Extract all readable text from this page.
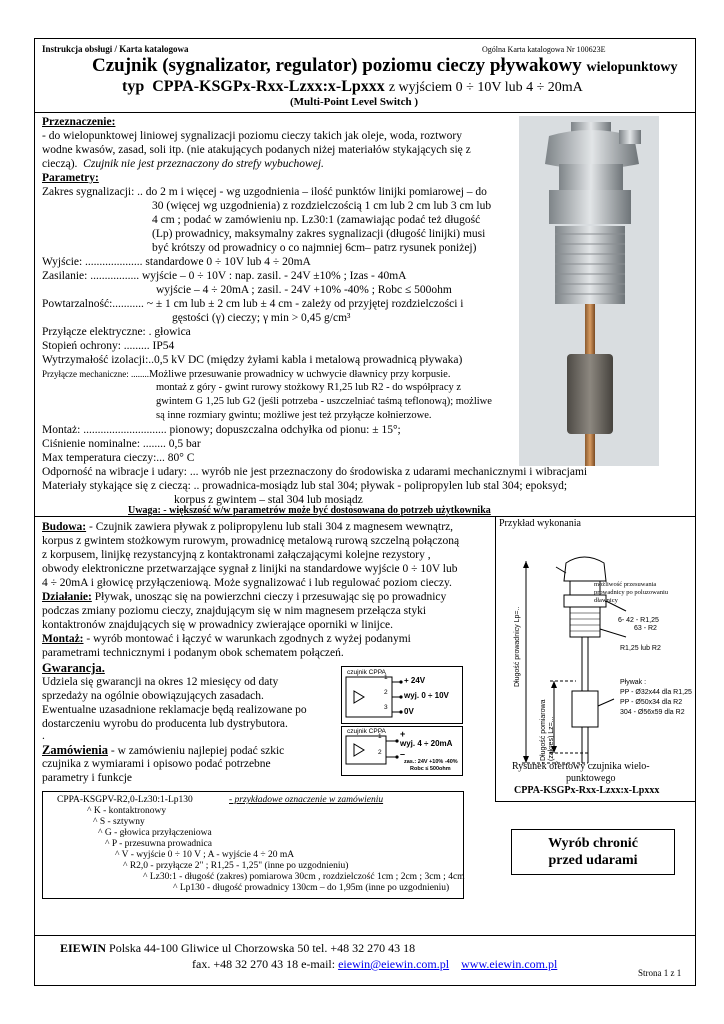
Instrukcja obsługi / Karta katalogowa	Ogólna Karta katalogowa Nr 100623E
Czujnik (sygnalizator, regulator) poziomu cieczy pływakowy wielopunktowy
typ CPPA-KSGPx-Rxx-Lzxx:x-Lpxxx z wyjściem 0 ÷ 10V lub 4 ÷ 20mA
(Multi-Point Level Switch )
Przeznaczenie:
- do wielopunktowej liniowej sygnalizacji poziomu cieczy takich jak oleje, woda, roztwory
wodne kwasów, zasad, soli itp. (nie atakujących podanych niżej materiałów stykających się z
cieczą). Czujnik nie jest przeznaczony do strefy wybuchowej.
Parametry:
Zakres sygnalizacji: .. do 2 m i więcej - wg uzgodnienia – ilość punktów linijki pomiarowej – do
30 (więcej wg uzgodnienia) z rozdzielczością 1 cm lub 2 cm lub 3 cm lub
4 cm ; podać w zamówieniu np. Lz30:1 (zamawiając podać też długość
(Lp) prowadnicy, maksymalny zakres sygnalizacji (długość linijki) musi
być krótszy od prowadnicy o co najmniej 6cm– patrz rysunek poniżej)
Wyjście: .................... standardowe 0 ÷ 10V lub 4 ÷ 20mA
Zasilanie: ................. wyjście – 0 ÷ 10V : nap. zasil. - 24V ±10% ; Izas - 40mA
wyjście – 4 ÷ 20mA ; zasil. - 24V +10% -40% ; Robc ≤ 500ohm
Powtarzalność:........... ~ ± 1 cm lub ± 2 cm lub ± 4 cm - zależy od przyjętej rozdzielczości i
gęstości (γ) cieczy; γ min > 0,45 g/cm³
Przyłącze elektryczne: . głowica
Stopień ochrony: ......... IP54
Wytrzymałość izolacji:..0,5 kV DC (między żyłami kabla i metalową prowadnicą pływaka)
Przyłącze mechaniczne: ........Możliwe przesuwanie prowadnicy w uchwycie dławnicy przy korpusie.
montaż z góry - gwint rurowy stożkowy R1,25 lub R2 - do współpracy z
gwintem G 1,25 lub G2 (jeśli potrzeba - uszczelniać taśmą teflonową); możliwe
są inne rozmiary gwintu; możliwe jest też przyłącze kołnierzowe.
Montaż: ............................. pionowy; dopuszczalna odchyłka od pionu: ± 15°;
Ciśnienie nominalne: ........ 0,5 bar
Max temperatura cieczy:... 80° C
Odporność na wibracje i udary: ... wyrób nie jest przeznaczony do środowiska z udarami mechanicznymi i wibracjami
Materiały stykające się z cieczą: .. prowadnica-mosiądz lub stal 304; pływak - polipropylen lub stal 304; epoksyd;
korpus z gwintem – stal 304 lub mosiądz
Uwaga: - większość w/w parametrów może być dostosowana do potrzeb użytkownika
Budowa: - Czujnik zawiera pływak z polipropylenu lub stali 304 z magnesem wewnątrz,
korpus z gwintem stożkowym rurowym, prowadnicę metalową rurową szczelną połączoną
z korpusem, linijkę rezystancyjną z kontaktronami załączającymi kolejne rezystory ,
obwody elektroniczne przetwarzające sygnał z linijki na standardowe wyjście 0 ÷ 10V lub
4 ÷ 20mA i głowicę przyłączeniową. Może sygnalizować i lub regulować poziom cieczy.
Działanie: Pływak, unosząc się na powierzchni cieczy i przesuwając się po prowadnicy
podczas zmiany poziomu cieczy, znajdującym się w nim magnesem przełącza styki
kontaktronów znajdujących się w prowadnicy zwierające oporniki w linijce.
Montaż: - wyrób montować i łączyć w warunkach zgodnych z wyżej podanymi
parametrami technicznymi i podanym obok schematem połączeń.
Gwarancja.
Udziela się gwarancji na okres 12 miesięcy od daty
sprzedaży na ogólnie obowiązujących zasadach.
Ewentualne uzasadnione reklamacje będą realizowane po
dostarczeniu wyrobu do producenta lub dystrybutora.
.
Zamówienia - w zamówieniu najlepiej podać szkic
czujnika z wymiarami i opisowo podać potrzebne
parametry i funkcje
czujnik CPPA
1
2
3
+ 24V
wyj. 0 ÷ 10V
0V
czujnik CPPA
1
2
+
wyj. 4 ÷ 20mA
–
zas.: 24V +10% -40%
Robc ≤ 500ohm
Przykład wykonania
możliwość przesuwania
prowadnicy po poluzowaniu
dławnicy
6- 42 - R1,25
63 - R2
R1,25 lub R2
Długość prowadnicy Lp=..
Długość pomiarowa (zakres) Lz=...
Pływak :
PP - Ø32x44 dla R1,25
PP - Ø50x34 dla R2
304 - Ø56x59 dla R2
Rysunek ofertowy czujnika wielo-
punktowego
CPPA-KSGPx-Rxx-Lzxx:x-Lpxxx
Wyrób chronić
przed udarami
CPPA-KSGPV-R2,0-Lz30:1-Lp130	- przykładowe oznaczenie w zamówieniu
^ K - kontaktronowy
^ S - sztywny
^ G - głowica przyłączeniowa
^ P - przesuwna prowadnica
^ V - wyjście 0 ÷ 10 V ; A - wyjście 4 ÷ 20 mA
^ R2,0 - przyłącze 2" ; R1,25 - 1,25" (inne po uzgodnieniu)
^ Lz30:1 - długość (zakres) pomiarowa 30cm , rozdzielczość 1cm ; 2cm ; 3cm ; 4cm
^ Lp130 - długość prowadnicy 130cm – do 1,95m (inne po uzgodnieniu)
EIEWIN Polska 44-100 Gliwice ul Chorzowska 50 tel. +48 32 270 43 18
fax. +48 32 270 43 18 e-mail: eiewin@eiewin.com.pl www.eiewin.com.pl
Strona 1 z 1
